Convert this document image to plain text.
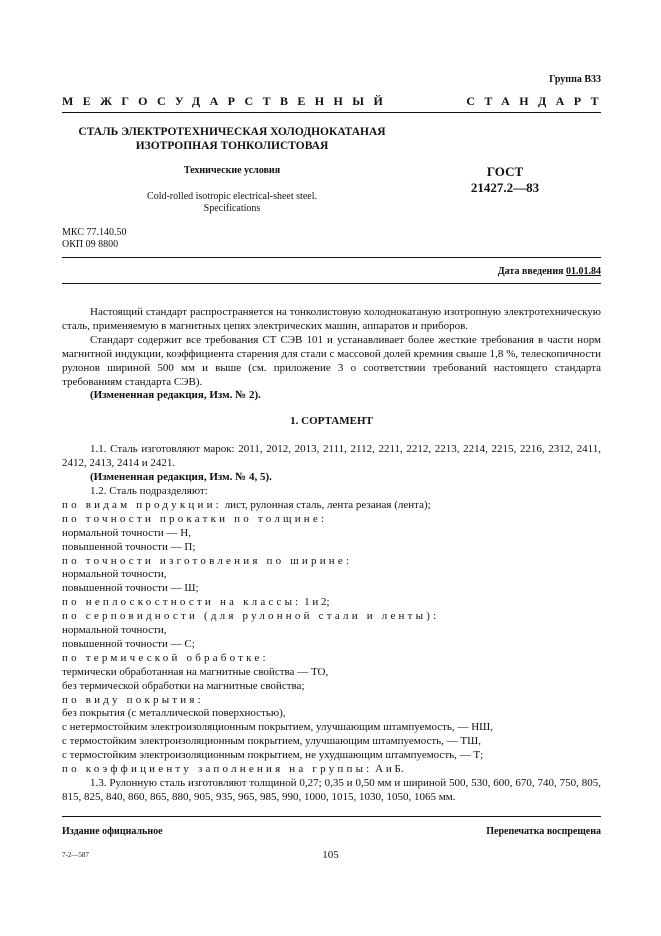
Группа В33
МЕЖГОСУДАРСТВЕННЫЙ	СТАНДАРТ
СТАЛЬ ЭЛЕКТРОТЕХНИЧЕСКАЯ ХОЛОДНОКАТАНАЯ
ИЗОТРОПНАЯ ТОНКОЛИСТОВАЯ
Технические условия
Cold-rolled isotropic electrical-sheet steel.
Specifications
ГОСТ
21427.2—83
МКС 77.140.50
ОКП 09 8800
Дата введения 01.01.84

Настоящий стандарт распространяется на тонколистовую холоднокатаную изотропную электротехническую сталь, применяемую в магнитных цепях электрических машин, аппаратов и приборов.

Стандарт содержит все требования СТ СЭВ 101 и устанавливает более жесткие требования в части норм магнитной индукции, коэффициента старения для стали с массовой долей кремния свыше 1,8 %, телескопичности рулонов шириной 500 мм и выше (см. приложение 3 о соответствии требований настоящего стандарта требованиям стандарта СЭВ).

(Измененная редакция, Изм. № 2).

1. СОРТАМЕНТ

1.1. Сталь изготовляют марок: 2011, 2012, 2013, 2111, 2112, 2211, 2212, 2213, 2214, 2215, 2216, 2312, 2411, 2412, 2413, 2414 и 2421.

(Измененная редакция, Изм. № 4, 5).

1.2. Сталь подразделяют:

по видам продукции: лист, рулонная сталь, лента резаная (лента);

по точности прокатки по толщине:

нормальной точности — Н,

повышенной точности — П;

по точности изготовления по ширине:

нормальной точности,

повышенной точности — Ш;

по неплоскостности на классы: 1 и 2;

по серповидности (для рулонной стали и ленты):

нормальной точности,

повышенной точности — С;

по термической обработке:

термически обработанная на магнитные свойства — ТО,

без термической обработки на магнитные свойства;

по виду покрытия:

без покрытия (с металлической поверхностью),

с нетермостойким электроизоляционным покрытием, улучшающим штампуемость, — НШ,

с термостойким электроизоляционным покрытием, улучшающим штампуемость, — ТШ,

с термостойким электроизоляционным покрытием, не ухудшающим штампуемость, — Т;

по коэффициенту заполнения на группы: А и Б.

1.3. Рулонную сталь изготовляют толщиной 0,27; 0,35 и 0,50 мм и шириной 500, 530, 600, 670, 740, 750, 805, 815, 825, 840, 860, 865, 880, 905, 935, 965, 985, 990, 1000, 1015, 1030, 1050, 1065 мм.

Издание официальное	Перепечатка воспрещена
7-2—587	105
